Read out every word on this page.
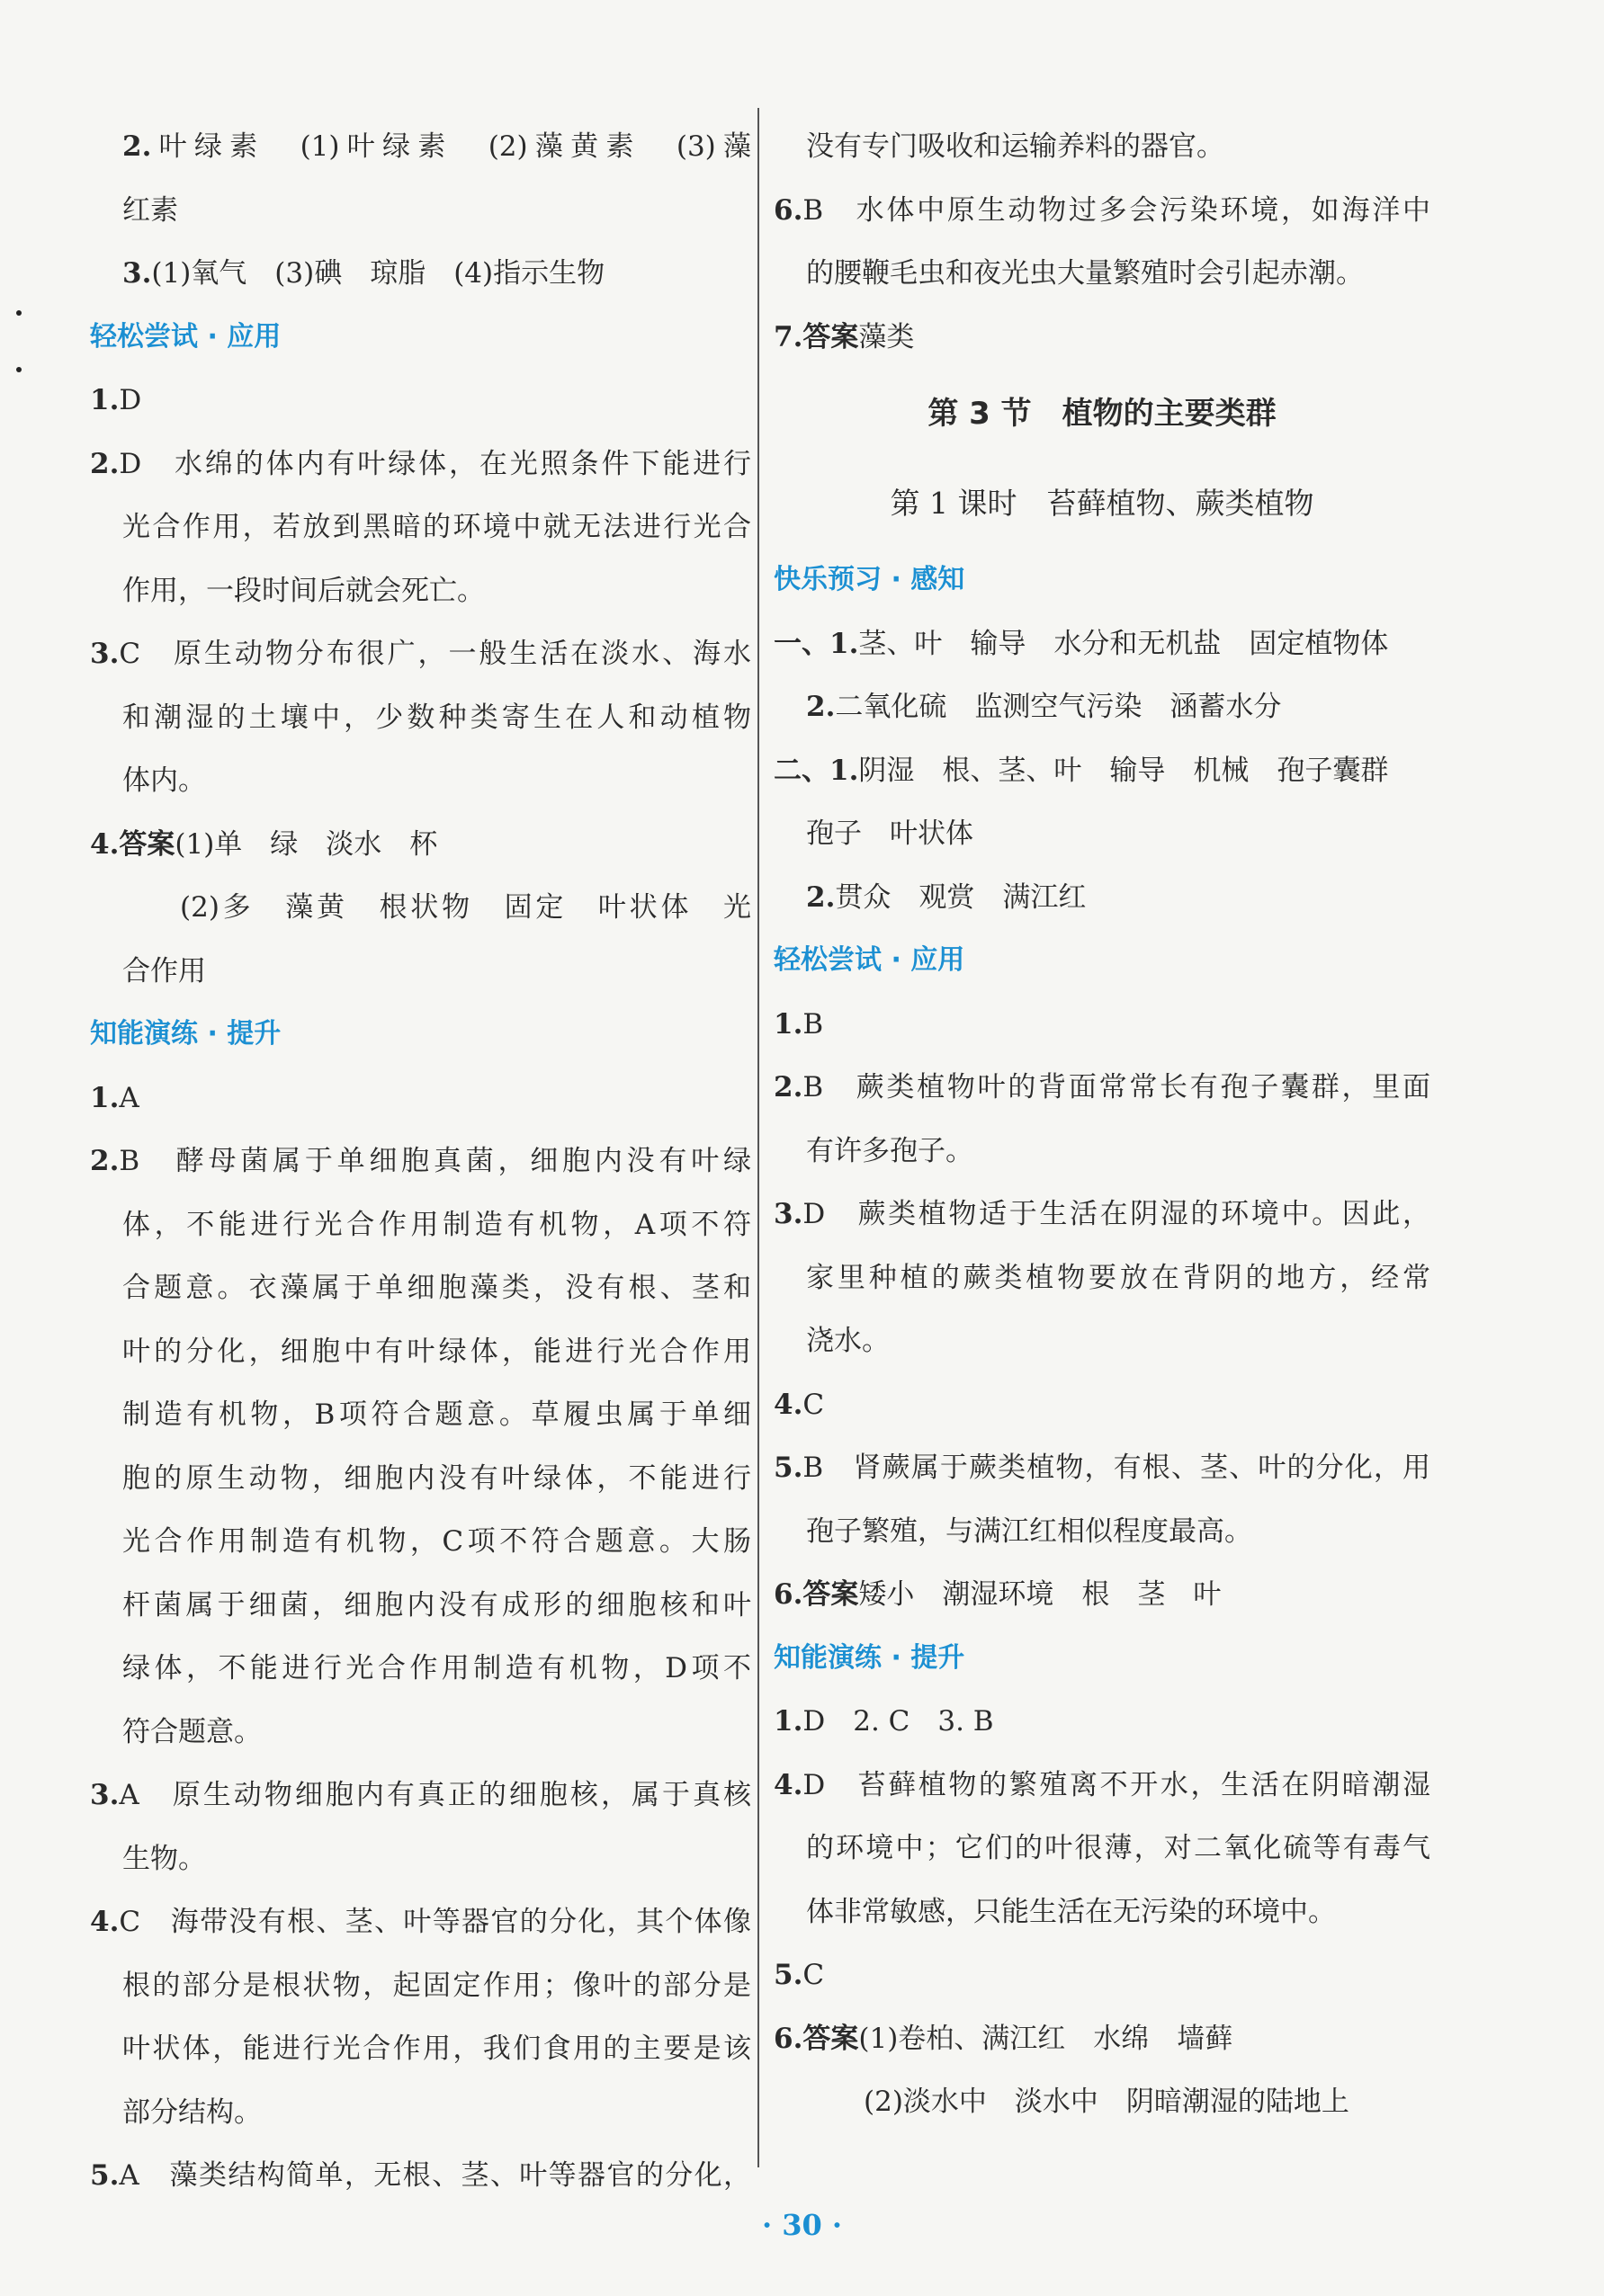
2.叶绿素　(1)叶绿素　(2)藻黄素　(3)藻
红素
3.(1)氧气　(3)碘　琼脂　(4)指示生物
轻松尝试 · 应用
1.D
2.D　水绵的体内有叶绿体，在光照条件下能进行
光合作用，若放到黑暗的环境中就无法进行光合
作用，一段时间后就会死亡。
3.C　原生动物分布很广，一般生活在淡水、海水
和潮湿的土壤中，少数种类寄生在人和动植物
体内。
4.答案(1)单　绿　淡水　杯
(2)多　藻黄　根状物　固定　叶状体　光
合作用
知能演练 · 提升
1.A
2.B　酵母菌属于单细胞真菌，细胞内没有叶绿
体，不能进行光合作用制造有机物，A项不符
合题意。衣藻属于单细胞藻类，没有根、茎和
叶的分化，细胞中有叶绿体，能进行光合作用
制造有机物，B项符合题意。草履虫属于单细
胞的原生动物，细胞内没有叶绿体，不能进行
光合作用制造有机物，C项不符合题意。大肠
杆菌属于细菌，细胞内没有成形的细胞核和叶
绿体，不能进行光合作用制造有机物，D项不
符合题意。
3.A　原生动物细胞内有真正的细胞核，属于真核
生物。
4.C　海带没有根、茎、叶等器官的分化，其个体像
根的部分是根状物，起固定作用；像叶的部分是
叶状体，能进行光合作用，我们食用的主要是该
部分结构。
5.A　藻类结构简单，无根、茎、叶等器官的分化，
没有专门吸收和运输养料的器官。
6.B　水体中原生动物过多会污染环境，如海洋中
的腰鞭毛虫和夜光虫大量繁殖时会引起赤潮。
7.答案藻类
第 3 节　植物的主要类群
第 1 课时　苔藓植物、蕨类植物
快乐预习 · 感知
一、1.茎、叶　输导　水分和无机盐　固定植物体
2.二氧化硫　监测空气污染　涵蓄水分
二、1.阴湿　根、茎、叶　输导　机械　孢子囊群
孢子　叶状体
2.贯众　观赏　满江红
轻松尝试 · 应用
1.B
2.B　蕨类植物叶的背面常常长有孢子囊群，里面
有许多孢子。
3.D　蕨类植物适于生活在阴湿的环境中。因此，
家里种植的蕨类植物要放在背阴的地方，经常
浇水。
4.C
5.B　肾蕨属于蕨类植物，有根、茎、叶的分化，用
孢子繁殖，与满江红相似程度最高。
6.答案矮小　潮湿环境　根　茎　叶
知能演练 · 提升
1.D　2. C　3. B
4.D　苔藓植物的繁殖离不开水，生活在阴暗潮湿
的环境中；它们的叶很薄，对二氧化硫等有毒气
体非常敏感，只能生活在无污染的环境中。
5.C
6.答案(1)卷柏、满江红　水绵　墙藓
(2)淡水中　淡水中　阴暗潮湿的陆地上
· 30 ·
